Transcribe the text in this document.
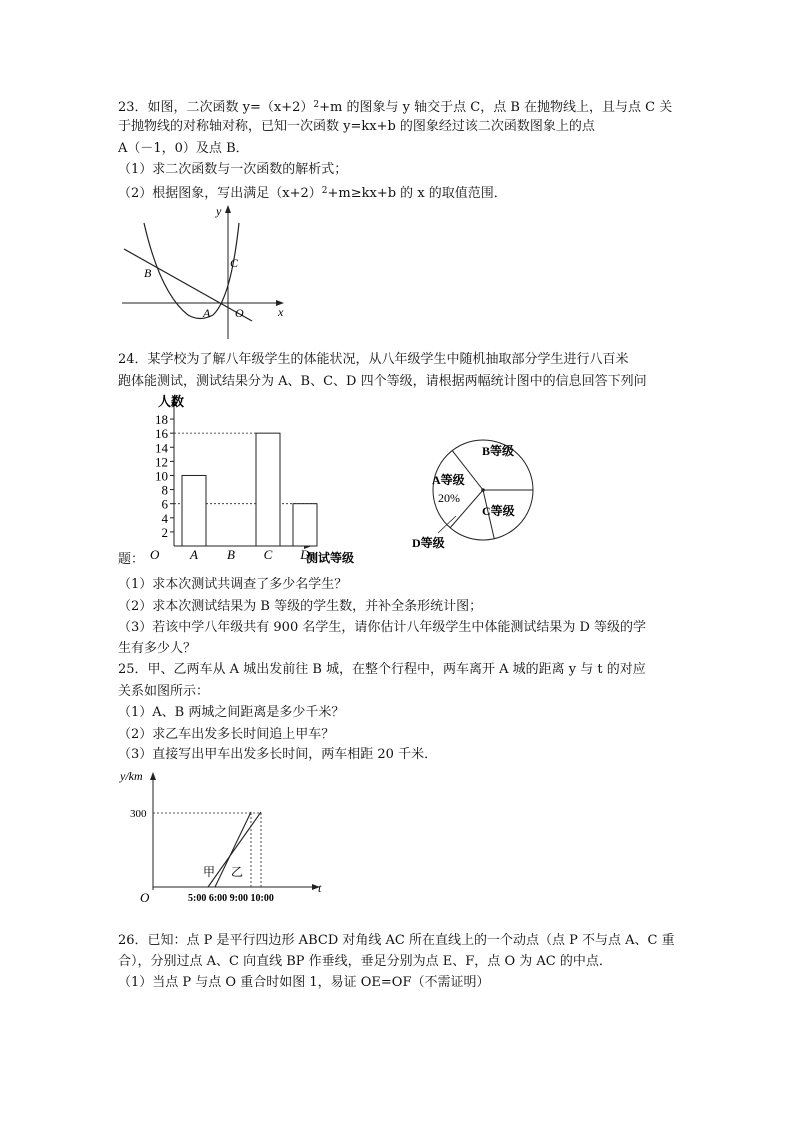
23．如图，二次函数 $y=(x+2)^2+m$ 的图象与 y 轴交于点 C，点 B 在抛物线上，且与点 C 关
于抛物线的对称轴对称，已知一次函数 y=kx+b 的图象经过该二次函数图象上的点
A（－1，0）及点 B．
（1）求二次函数与一次函数的解析式；
（2）根据图象，写出满足$(x+2)^2+m\ge kx+b$ 的 x 的取值范围．
x
y
B
C
A O
24．某学校为了解八年级学生的体能状况，从八年级学生中随机抽取部分学生进行八百米
跑体能测试，测试结果分为 A、B、C、D 四个等级，请根据两幅统计图中的信息回答下列问
人数
测试等级
O
2
4
6
8
10
12
14
16
18
A B C D
题：
B等级
A等级
20%
C等级
D等级
（1）求本次测试共调查了多少名学生？
（2）求本次测试结果为 B 等级的学生数，并补全条形统计图；
（3）若该中学八年级共有 900 名学生，请你估计八年级学生中体能测试结果为 D 等级的学
生有多少人？
25．甲、乙两车从 A 城出发前往 B 城，在整个行程中，两车离开 A 城的距离 y 与 t 的对应
关系如图所示：
（1）A、B 两城之间距离是多少千米？
（2）求乙车出发多长时间追上甲车？
（3）直接写出甲车出发多长时间，两车相距 20 千米．
y/km
t
O
300
甲 乙
5:00 6:00 9:00 10:00
26．已知：点 P 是平行四边形 ABCD 对角线 AC 所在直线上的一个动点（点 P 不与点 A、C 重
合），分别过点 A、C 向直线 BP 作垂线，垂足分别为点 E、F，点 O 为 AC 的中点．
（1）当点 P 与点 O 重合时如图 1，易证 OE=OF（不需证明）
